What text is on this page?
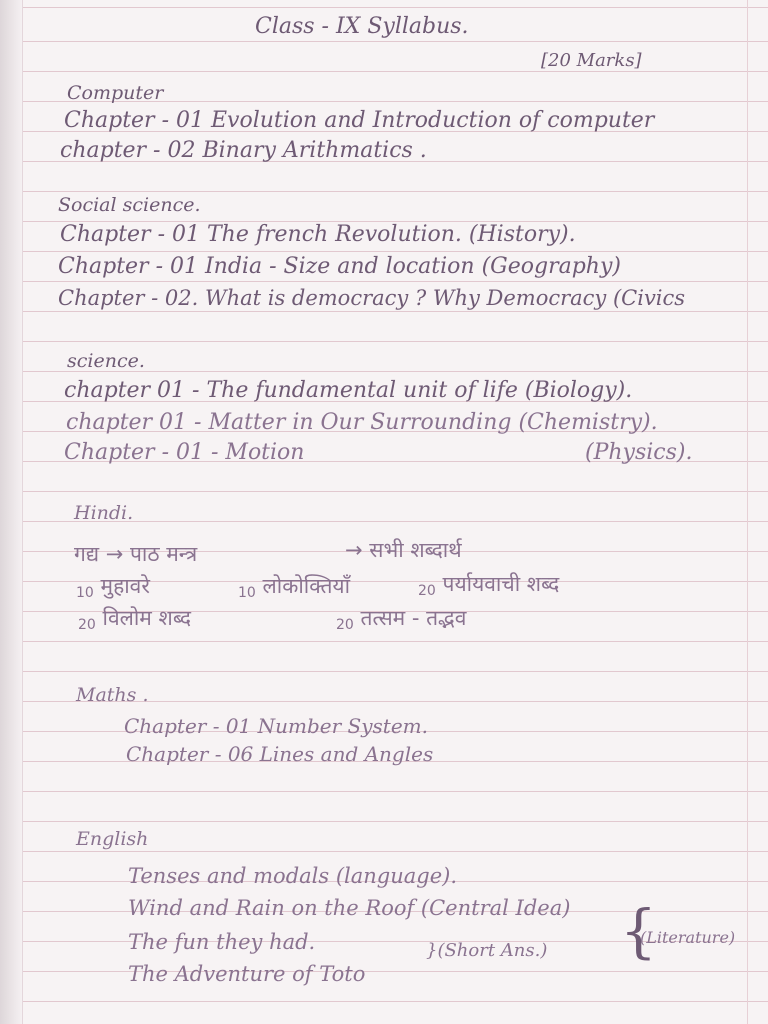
Class - IX Syllabus.
[20 Marks]
Computer
Chapter - 01 Evolution and Introduction of computer
chapter - 02 Binary Arithmatics .
Social science.
Chapter - 01 The french Revolution. (History).
Chapter - 01 India - Size and location (Geography)
Chapter - 02. What is democracy ? Why Democracy (Civics
science.
chapter 01 - The fundamental unit of life (Biology).
chapter 01 - Matter in Our Surrounding (Chemistry).
Chapter - 01 - Motion	(Physics).
Hindi.
गद्य → पाठ मन्त्र	→ सभी शब्दार्थ
10 मुहावरे	10 लोकोक्तियाँ	20 पर्यायवाची शब्द
20 विलोम शब्द	20 तत्सम - तद्भव
Maths .
Chapter - 01 Number System.
Chapter - 06 Lines and Angles
English
Tenses and modals (language).
Wind and Rain on the Roof (Central Idea)
The fun they had.
The Adventure of Toto
}(Short Ans.) {
(Literature)
